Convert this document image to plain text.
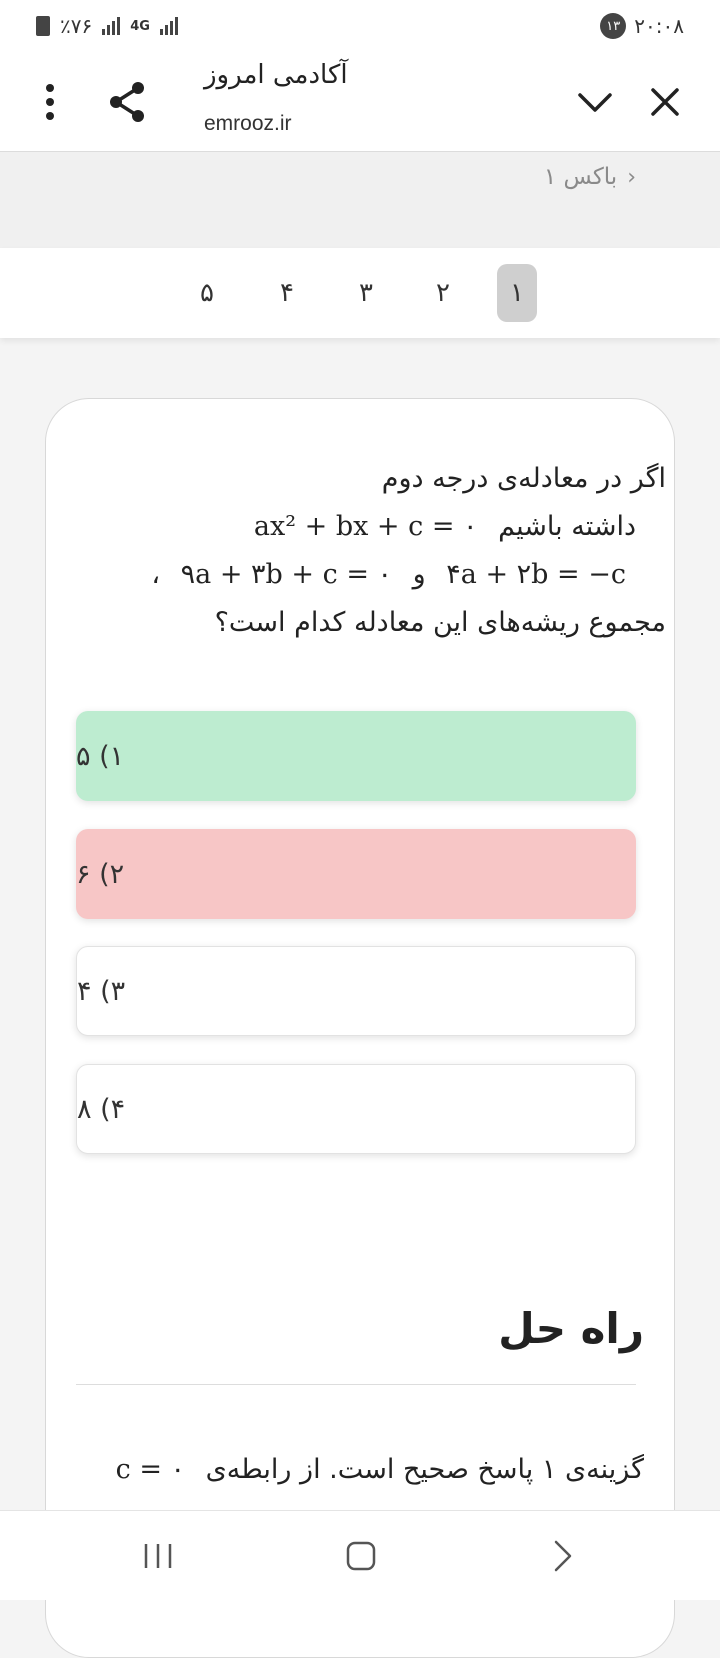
٪۷۶	4G	۱۳ ۲۰:۰۸
آکادمی امروز
emrooz.ir
‹
باکس ۱
۱
۲
۳
۴
۵
اگر در معادله‌ی درجه دوم
داشته باشیم ax² + bx + c = ۰
۴a + ۲b = −c و ۹a + ۳b + c = ۰ ،
مجموع ریشه‌های این معادله کدام است؟
۱) ۵
۲) ۶
۳) ۴
۴) ۸
راه حل
گزینه‌ی ۱ پاسخ صحیح است. از رابطه‌ی c = ۰
